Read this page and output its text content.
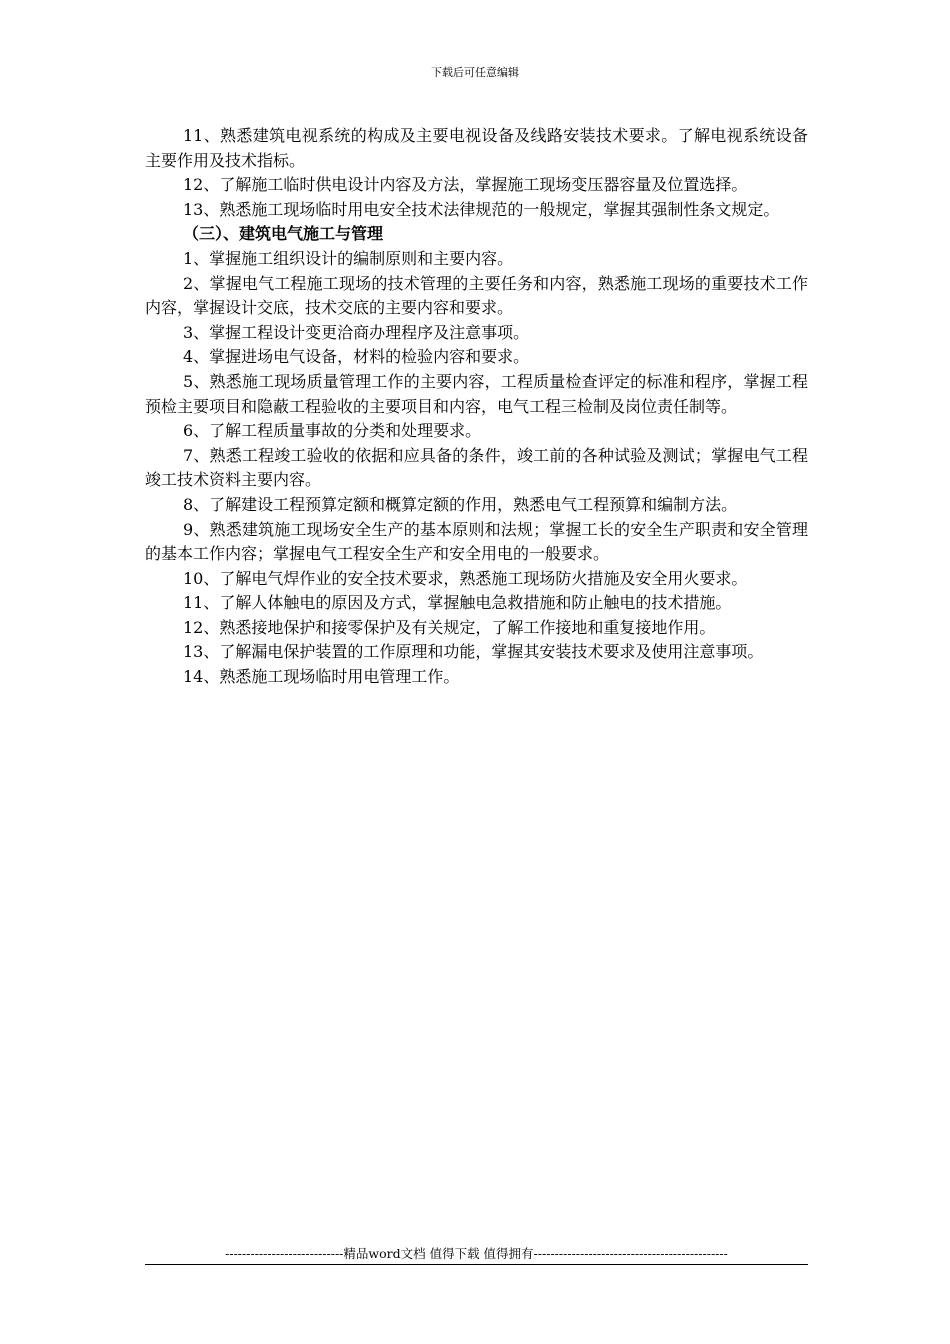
下载后可任意编辑

11、熟悉建筑电视系统的构成及主要电视设备及线路安装技术要求。了解电视系统设备主要作用及技术指标。

12、了解施工临时供电设计内容及方法，掌握施工现场变压器容量及位置选择。

13、熟悉施工现场临时用电安全技术法律规范的一般规定，掌握其强制性条文规定。

（三）、建筑电气施工与管理

1、掌握施工组织设计的编制原则和主要内容。

2、掌握电气工程施工现场的技术管理的主要任务和内容，熟悉施工现场的重要技术工作内容，掌握设计交底，技术交底的主要内容和要求。

3、掌握工程设计变更洽商办理程序及注意事项。

4、掌握进场电气设备，材料的检验内容和要求。

5、熟悉施工现场质量管理工作的主要内容，工程质量检查评定的标准和程序，掌握工程预检主要项目和隐蔽工程验收的主要项目和内容，电气工程三检制及岗位责任制等。

6、了解工程质量事故的分类和处理要求。

7、熟悉工程竣工验收的依据和应具备的条件，竣工前的各种试验及测试；掌握电气工程竣工技术资料主要内容。

8、了解建设工程预算定额和概算定额的作用，熟悉电气工程预算和编制方法。

9、熟悉建筑施工现场安全生产的基本原则和法规；掌握工长的安全生产职责和安全管理的基本工作内容；掌握电气工程安全生产和安全用电的一般要求。

10、了解电气焊作业的安全技术要求，熟悉施工现场防火措施及安全用火要求。

11、了解人体触电的原因及方式，掌握触电急救措施和防止触电的技术措施。

12、熟悉接地保护和接零保护及有关规定，了解工作接地和重复接地作用。

13、了解漏电保护装置的工作原理和功能，掌握其安装技术要求及使用注意事项。

14、熟悉施工现场临时用电管理工作。

----------------------------精品word文档 值得下载 值得拥有----------------------------------------------
